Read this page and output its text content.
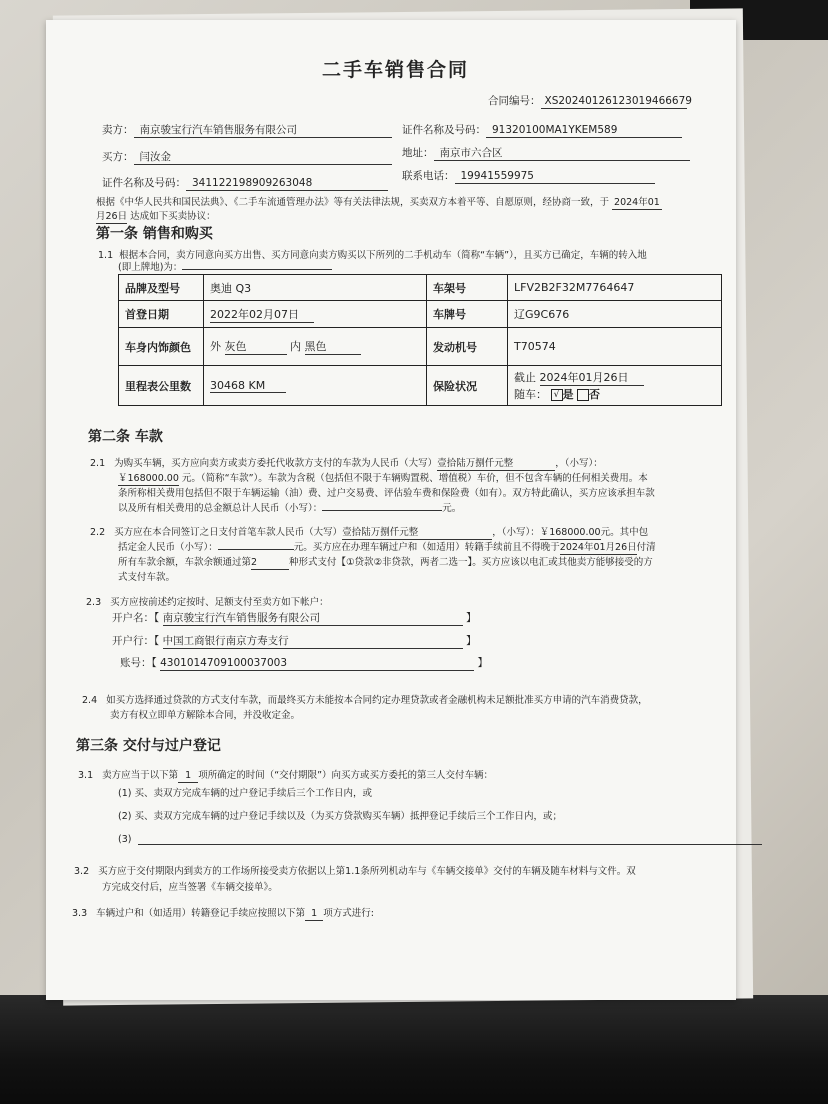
二手车销售合同
合同编号： XS20240126123019466679
卖方： 南京骏宝行汽车销售服务有限公司	证件名称及号码： 91320100MA1YKEM589
买方： 闫汝金	地址： 南京市六合区
证件名称及号码： 341122198909263048
联系电话： 19941559975
根据《中华人民共和国民法典》、《二手车流通管理办法》等有关法律法规，买卖双方本着平等、自愿原则，经协商一致，于 2024年01
月26日 达成如下买卖协议：
第一条 销售和购买
1.1 根据本合同，卖方同意向买方出售、买方同意向卖方购买以下所列的二手机动车（简称“车辆”），且买方已确定，车辆的转入地
(即上牌地)为：
品牌及型号	奥迪 Q3	车架号	LFV2B2F32M7764647
首登日期	2022年02月07日	车牌号	辽G9C676
车身内饰颜色	外 灰色 内 黑色	发动机号	T70574
里程表公里数	30468 KM	保险状况	截止 2024年01月26日
随车： √ 是 否
第二条 车款
2.1 为购买车辆，买方应向卖方或卖方委托代收款方支付的车款为人民币（大写）壹拾陆万捌仟元整	，（小写）：
￥168000.00 元。（简称“车款”）。车款为含税（包括但不限于车辆购置税、增值税）车价，但不包含车辆的任何相关费用。本
条所称相关费用包括但不限于车辆运输（油）费、过户交易费、评估验车费和保险费（如有）。双方特此确认，买方应该承担车款
以及所有相关费用的总金额总计人民币（小写）：	元。
2.2 买方应在本合同签订之日支付首笔车款人民币（大写）壹拾陆万捌仟元整	，（小写）：￥168000.00元。其中包
括定金人民币（小写）：	元。买方应在办理车辆过户和（如适用）转籍手续前且不得晚于2024年01月26日付清
所有车款余额，车款余额通过第2	种形式支付【①贷款②非贷款，两者二选一】。买方应该以电汇或其他卖方能够接受的方
式支付车款。
2.3 买方应按前述约定按时、足额支付至卖方如下帐户：
开户名：【 南京骏宝行汽车销售服务有限公司	】
开户行：【 中国工商银行南京方寿支行	】
账号：【 4301014709100037003	】
2.4 如买方选择通过贷款的方式支付车款，而最终买方未能按本合同约定办理贷款或者金融机构未足额批准买方申请的汽车消费贷款，
卖方有权立即单方解除本合同，并没收定金。
第三条 交付与过户登记
3.1 卖方应当于以下第 1 项所确定的时间（“交付期限”）向买方或买方委托的第三人交付车辆：
(1) 买、卖双方完成车辆的过户登记手续后三个工作日内，或
(2) 买、卖双方完成车辆的过户登记手续以及（为买方贷款购买车辆）抵押登记手续后三个工作日内，或；
(3)
3.2 买方应于交付期限内到卖方的工作场所接受卖方依据以上第1.1条所列机动车与《车辆交接单》交付的车辆及随车材料与文件。双
方完成交付后，应当签署《车辆交接单》。
3.3 车辆过户和（如适用）转籍登记手续应按照以下第 1 项方式进行:
